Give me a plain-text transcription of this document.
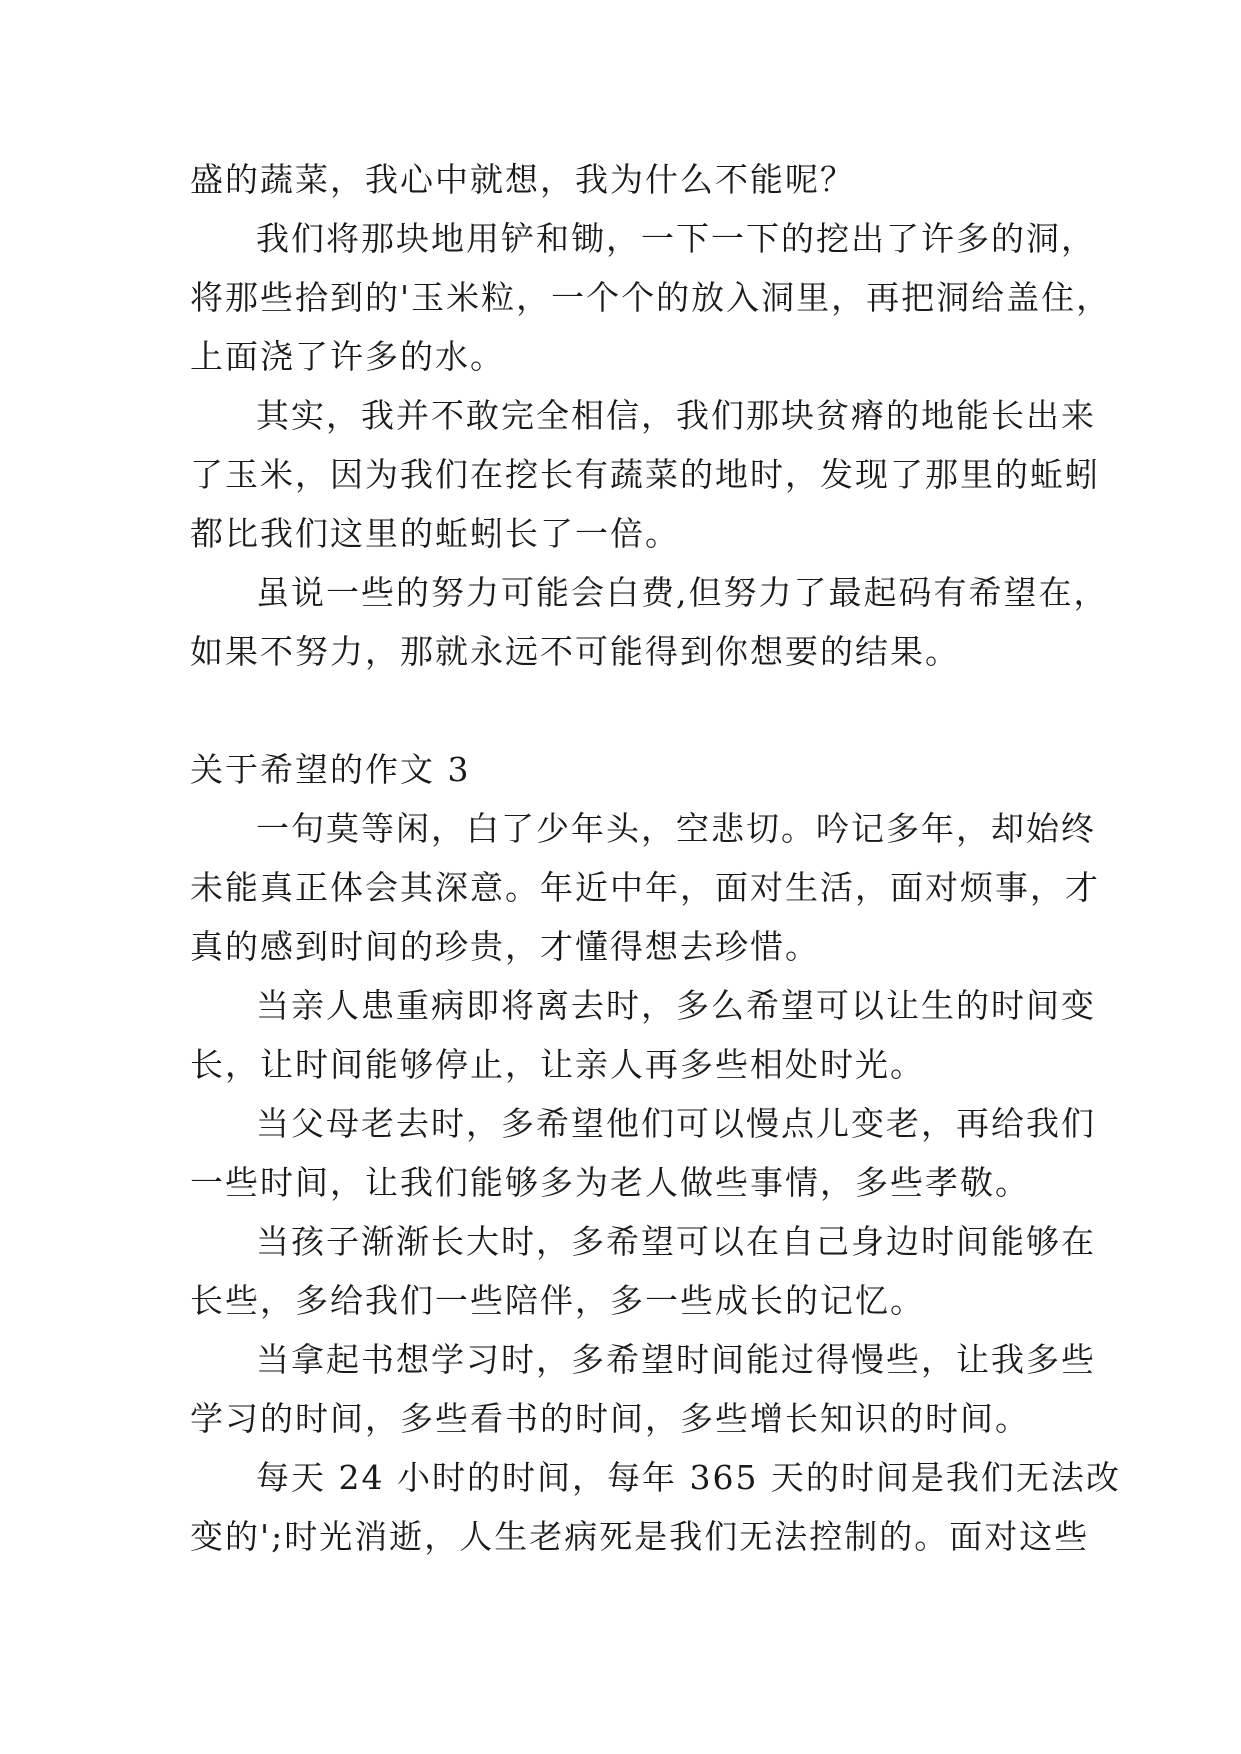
盛的蔬菜，我心中就想，我为什么不能呢？

我们将那块地用铲和锄，一下一下的挖出了许多的洞，

将那些拾到的'玉米粒，一个个的放入洞里，再把洞给盖住，

上面浇了许多的水。

其实，我并不敢完全相信，我们那块贫瘠的地能长出来

了玉米，因为我们在挖长有蔬菜的地时，发现了那里的蚯蚓

都比我们这里的蚯蚓长了一倍。

虽说一些的努力可能会白费,但努力了最起码有希望在，

如果不努力，那就永远不可能得到你想要的结果。

关于希望的作文 3

一句莫等闲，白了少年头，空悲切。吟记多年，却始终

未能真正体会其深意。年近中年，面对生活，面对烦事，才

真的感到时间的珍贵，才懂得想去珍惜。

当亲人患重病即将离去时，多么希望可以让生的时间变

长，让时间能够停止，让亲人再多些相处时光。

当父母老去时，多希望他们可以慢点儿变老，再给我们

一些时间，让我们能够多为老人做些事情，多些孝敬。

当孩子渐渐长大时，多希望可以在自己身边时间能够在

长些，多给我们一些陪伴，多一些成长的记忆。

当拿起书想学习时，多希望时间能过得慢些，让我多些

学习的时间，多些看书的时间，多些增长知识的时间。

每天 24 小时的时间，每年 365 天的时间是我们无法改

变的';时光消逝，人生老病死是我们无法控制的。面对这些
